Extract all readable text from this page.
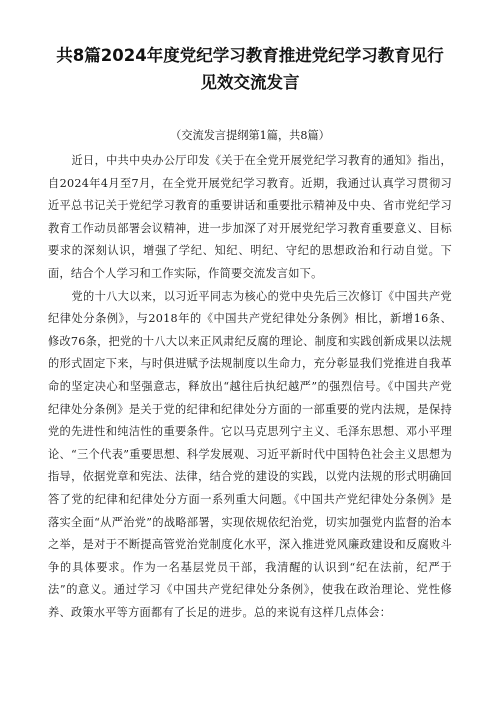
共8篇2024年度党纪学习教育推进党纪学习教育见行
见效交流发言

（交流发言提纲第1篇，共8篇）

近日，中共中央办公厅印发《关于在全党开展党纪学习教育的通知》指出，自2024年4月至7月，在全党开展党纪学习教育。近期，我通过认真学习贯彻习近平总书记关于党纪学习教育的重要讲话和重要批示精神及中央、省市党纪学习教育工作动员部署会议精神，进一步加深了对开展党纪学习教育重要意义、目标要求的深刻认识，增强了学纪、知纪、明纪、守纪的思想政治和行动自觉。下面，结合个人学习和工作实际，作简要交流发言如下。

党的十八大以来，以习近平同志为核心的党中央先后三次修订《中国共产党纪律处分条例》，与2018年的《中国共产党纪律处分条例》相比，新增16条、修改76条，把党的十八大以来正风肃纪反腐的理论、制度和实践创新成果以法规的形式固定下来，与时俱进赋予法规制度以生命力，充分彰显我们党推进自我革命的坚定决心和坚强意志，释放出“越往后执纪越严”的强烈信号。《中国共产党纪律处分条例》是关于党的纪律和纪律处分方面的一部重要的党内法规，是保持党的先进性和纯洁性的重要条件。它以马克思列宁主义、毛泽东思想、邓小平理论、“三个代表”重要思想、科学发展观、习近平新时代中国特色社会主义思想为指导，依据党章和宪法、法律，结合党的建设的实践，以党内法规的形式明确回答了党的纪律和纪律处分方面一系列重大问题。《中国共产党纪律处分条例》是落实全面“从严治党”的战略部署，实现依规依纪治党，切实加强党内监督的治本之举，是对于不断提高管党治党制度化水平，深入推进党风廉政建设和反腐败斗争的具体要求。作为一名基层党员干部，我清醒的认识到“纪在法前，纪严于法”的意义。通过学习《中国共产党纪律处分条例》，使我在政治理论、党性修养、政策水平等方面都有了长足的进步。总的来说有这样几点体会：
